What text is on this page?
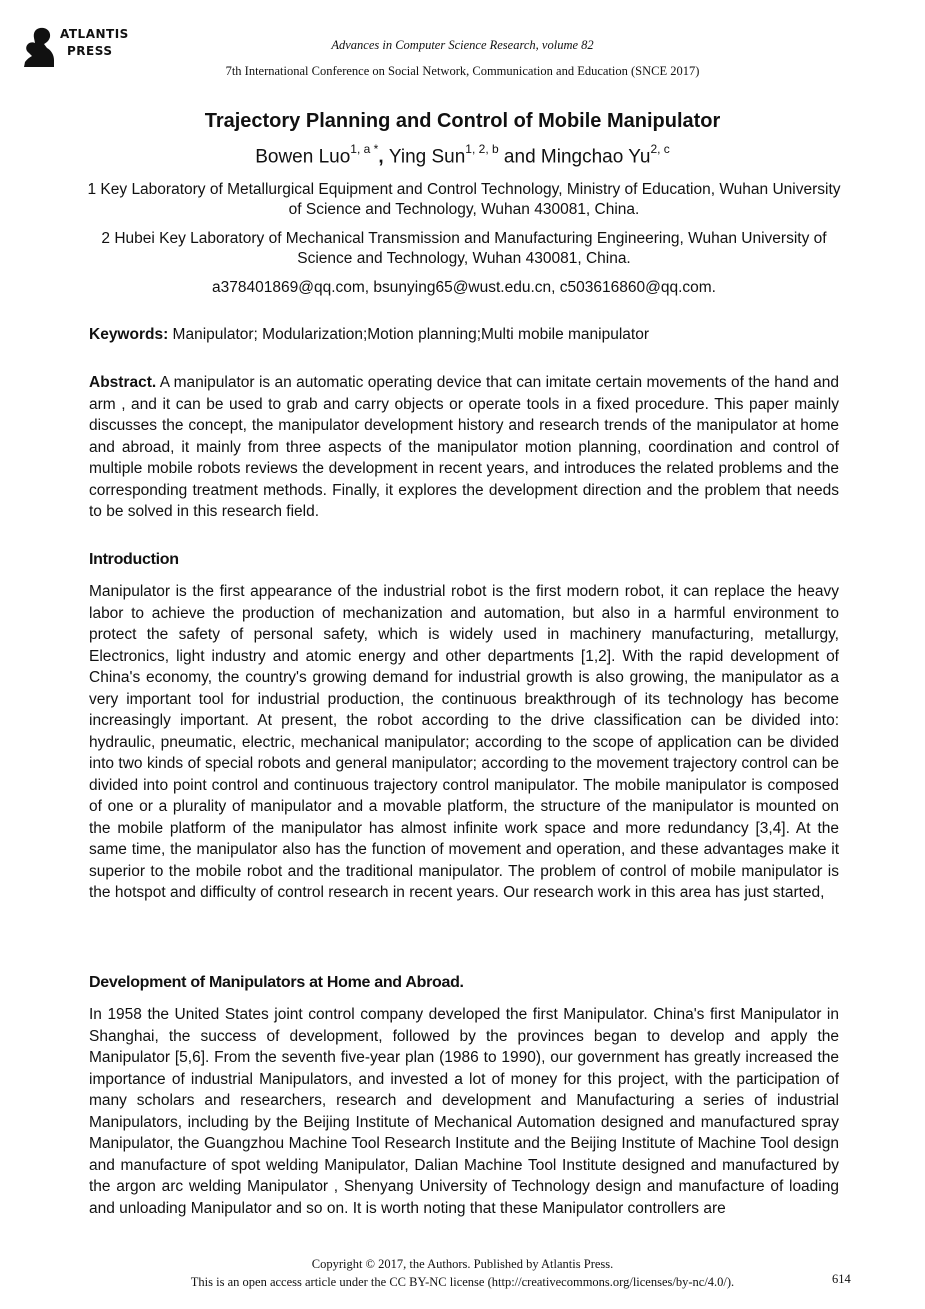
ATLANTIS
PRESS	Advances in Computer Science Research, volume 82
7th International Conference on Social Network, Communication and Education (SNCE 2017)
Trajectory Planning and Control of Mobile Manipulator
Bowen Luo$^{1, a *}$, Ying Sun$^{1, 2, b}$ and Mingchao Yu$^{2, c}$
1 Key Laboratory of Metallurgical Equipment and Control Technology, Ministry of Education, Wuhan University of Science and Technology, Wuhan 430081, China.
2 Hubei Key Laboratory of Mechanical Transmission and Manufacturing Engineering, Wuhan University of Science and Technology, Wuhan 430081, China.
a378401869@qq.com, bsunying65@wust.edu.cn, c503616860@qq.com.
Keywords: Manipulator; Modularization;Motion planning;Multi mobile manipulator
Abstract. A manipulator is an automatic operating device that can imitate certain movements of the hand and arm , and it can be used to grab and carry objects or operate tools in a fixed procedure. This paper mainly discusses the concept, the manipulator development history and research trends of the manipulator at home and abroad, it mainly from three aspects of the manipulator motion planning, coordination and control of multiple mobile robots reviews the development in recent years, and introduces the related problems and the corresponding treatment methods. Finally, it explores the development direction and the problem that needs to be solved in this research field.
Introduction
Manipulator is the first appearance of the industrial robot is the first modern robot, it can replace the heavy labor to achieve the production of mechanization and automation, but also in a harmful environment to protect the safety of personal safety, which is widely used in machinery manufacturing, metallurgy, Electronics, light industry and atomic energy and other departments [1,2]. With the rapid development of China's economy, the country's growing demand for industrial growth is also growing, the manipulator as a very important tool for industrial production, the continuous breakthrough of its technology has become increasingly important. At present, the robot according to the drive classification can be divided into: hydraulic, pneumatic, electric, mechanical manipulator; according to the scope of application can be divided into two kinds of special robots and general manipulator; according to the movement trajectory control can be divided into point control and continuous trajectory control manipulator. The mobile manipulator is composed of one or a plurality of manipulator and a movable platform, the structure of the manipulator is mounted on the mobile platform of the manipulator has almost infinite work space and more redundancy [3,4]. At the same time, the manipulator also has the function of movement and operation, and these advantages make it superior to the mobile robot and the traditional manipulator. The problem of control of mobile manipulator is the hotspot and difficulty of control research in recent years. Our research work in this area has just started,
Development of Manipulators at Home and Abroad.
In 1958 the United States joint control company developed the first Manipulator. China's first Manipulator in Shanghai, the success of development, followed by the provinces began to develop and apply the Manipulator [5,6]. From the seventh five-year plan (1986 to 1990), our government has greatly increased the importance of industrial Manipulators, and invested a lot of money for this project, with the participation of many scholars and researchers, research and development and Manufacturing a series of industrial Manipulators, including by the Beijing Institute of Mechanical Automation designed and manufactured spray Manipulator, the Guangzhou Machine Tool Research Institute and the Beijing Institute of Machine Tool design and manufacture of spot welding Manipulator, Dalian Machine Tool Institute designed and manufactured by the argon arc welding Manipulator , Shenyang University of Technology design and manufacture of loading and unloading Manipulator and so on. It is worth noting that these Manipulator controllers are
Copyright © 2017, the Authors. Published by Atlantis Press.
This is an open access article under the CC BY-NC license (http://creativecommons.org/licenses/by-nc/4.0/).	614
